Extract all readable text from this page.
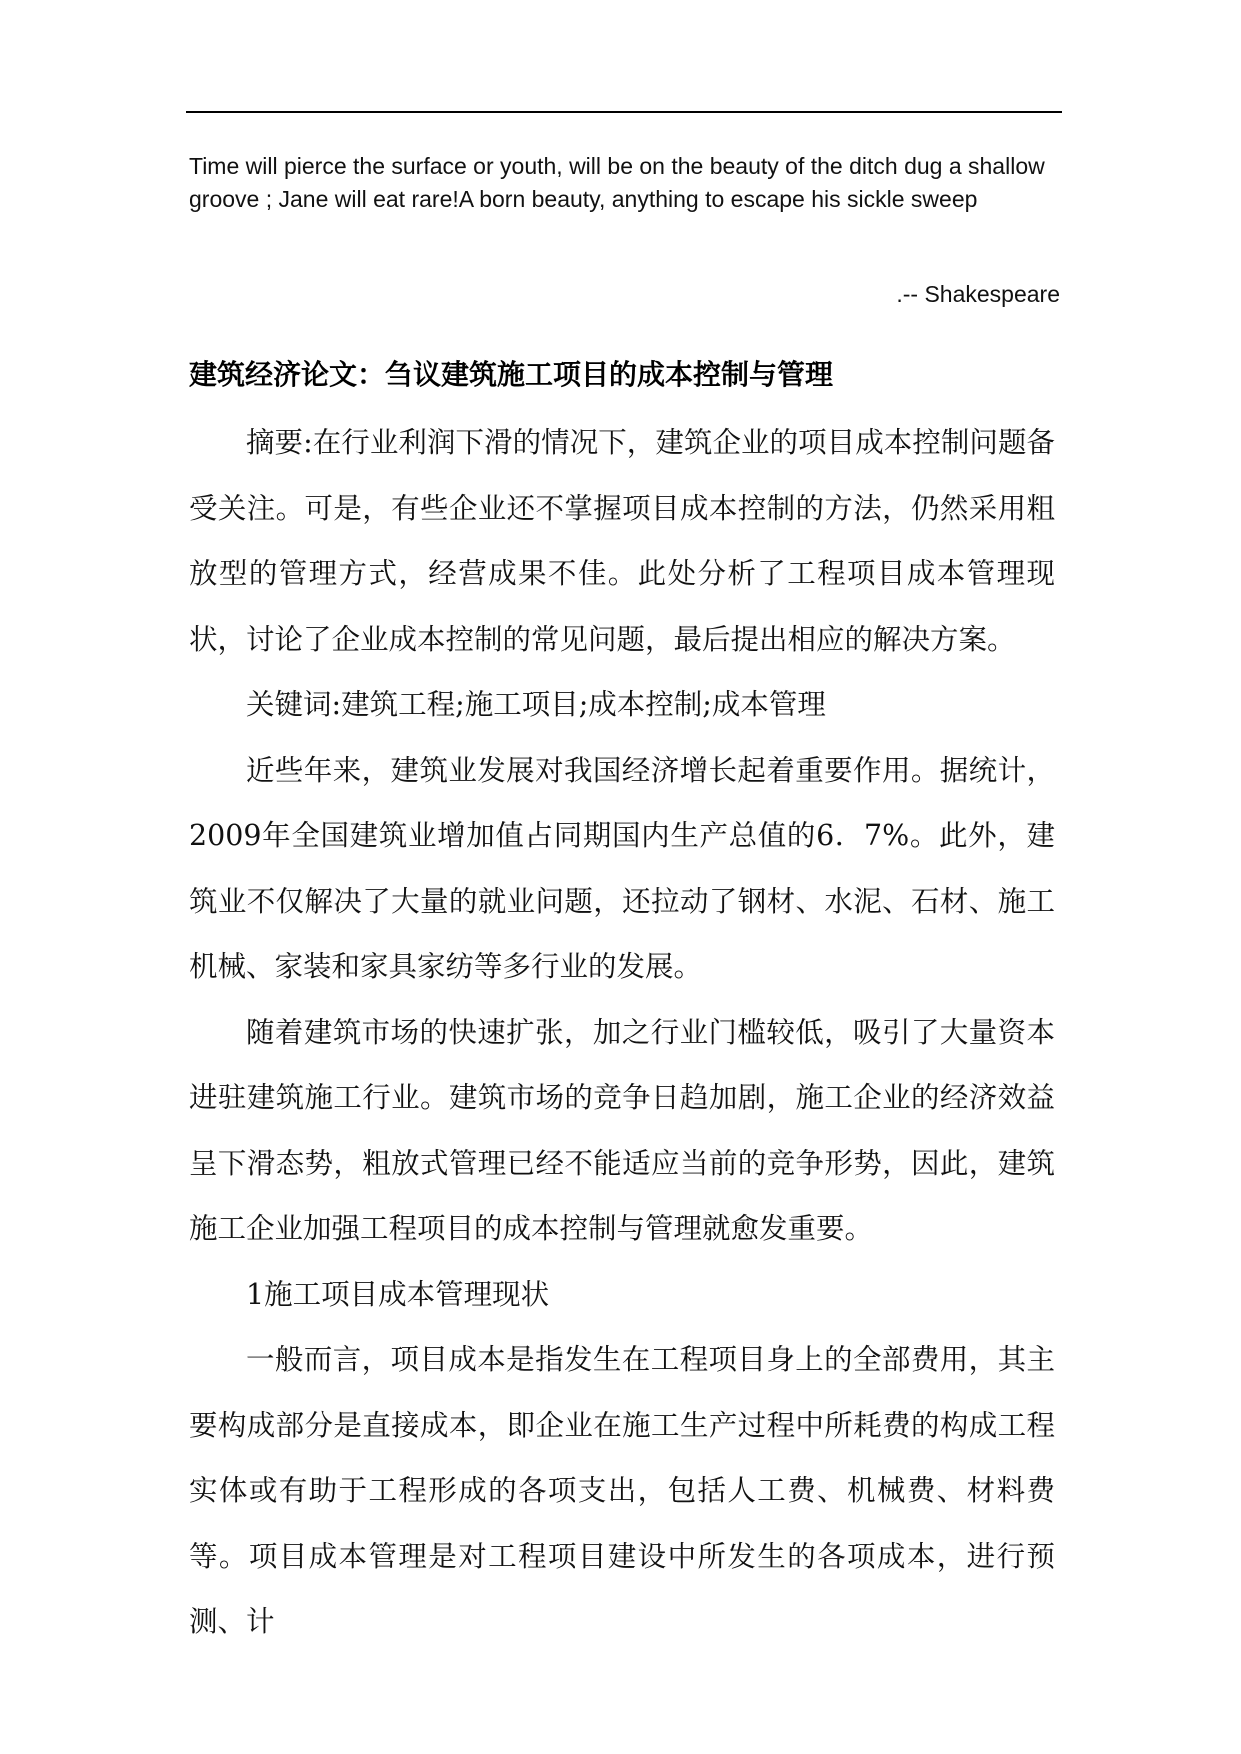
Time will pierce the surface or youth, will be on the beauty of the ditch dug a shallow groove ; Jane will eat rare!A born beauty, anything to escape his sickle sweep
.-- Shakespeare
建筑经济论文：刍议建筑施工项目的成本控制与管理

摘要:在行业利润下滑的情况下，建筑企业的项目成本控制问题备受关注。可是，有些企业还不掌握项目成本控制的方法，仍然采用粗放型的管理方式，经营成果不佳。此处分析了工程项目成本管理现状，讨论了企业成本控制的常见问题，最后提出相应的解决方案。

关键词:建筑工程;施工项目;成本控制;成本管理

近些年来，建筑业发展对我国经济增长起着重要作用。据统计，2009年全国建筑业增加值占同期国内生产总值的6．7%。此外，建筑业不仅解决了大量的就业问题，还拉动了钢材、水泥、石材、施工机械、家装和家具家纺等多行业的发展。

随着建筑市场的快速扩张，加之行业门槛较低，吸引了大量资本进驻建筑施工行业。建筑市场的竞争日趋加剧，施工企业的经济效益呈下滑态势，粗放式管理已经不能适应当前的竞争形势，因此，建筑施工企业加强工程项目的成本控制与管理就愈发重要。

1施工项目成本管理现状

一般而言，项目成本是指发生在工程项目身上的全部费用，其主要构成部分是直接成本，即企业在施工生产过程中所耗费的构成工程实体或有助于工程形成的各项支出，包括人工费、机械费、材料费等。项目成本管理是对工程项目建设中所发生的各项成本，进行预测、计
